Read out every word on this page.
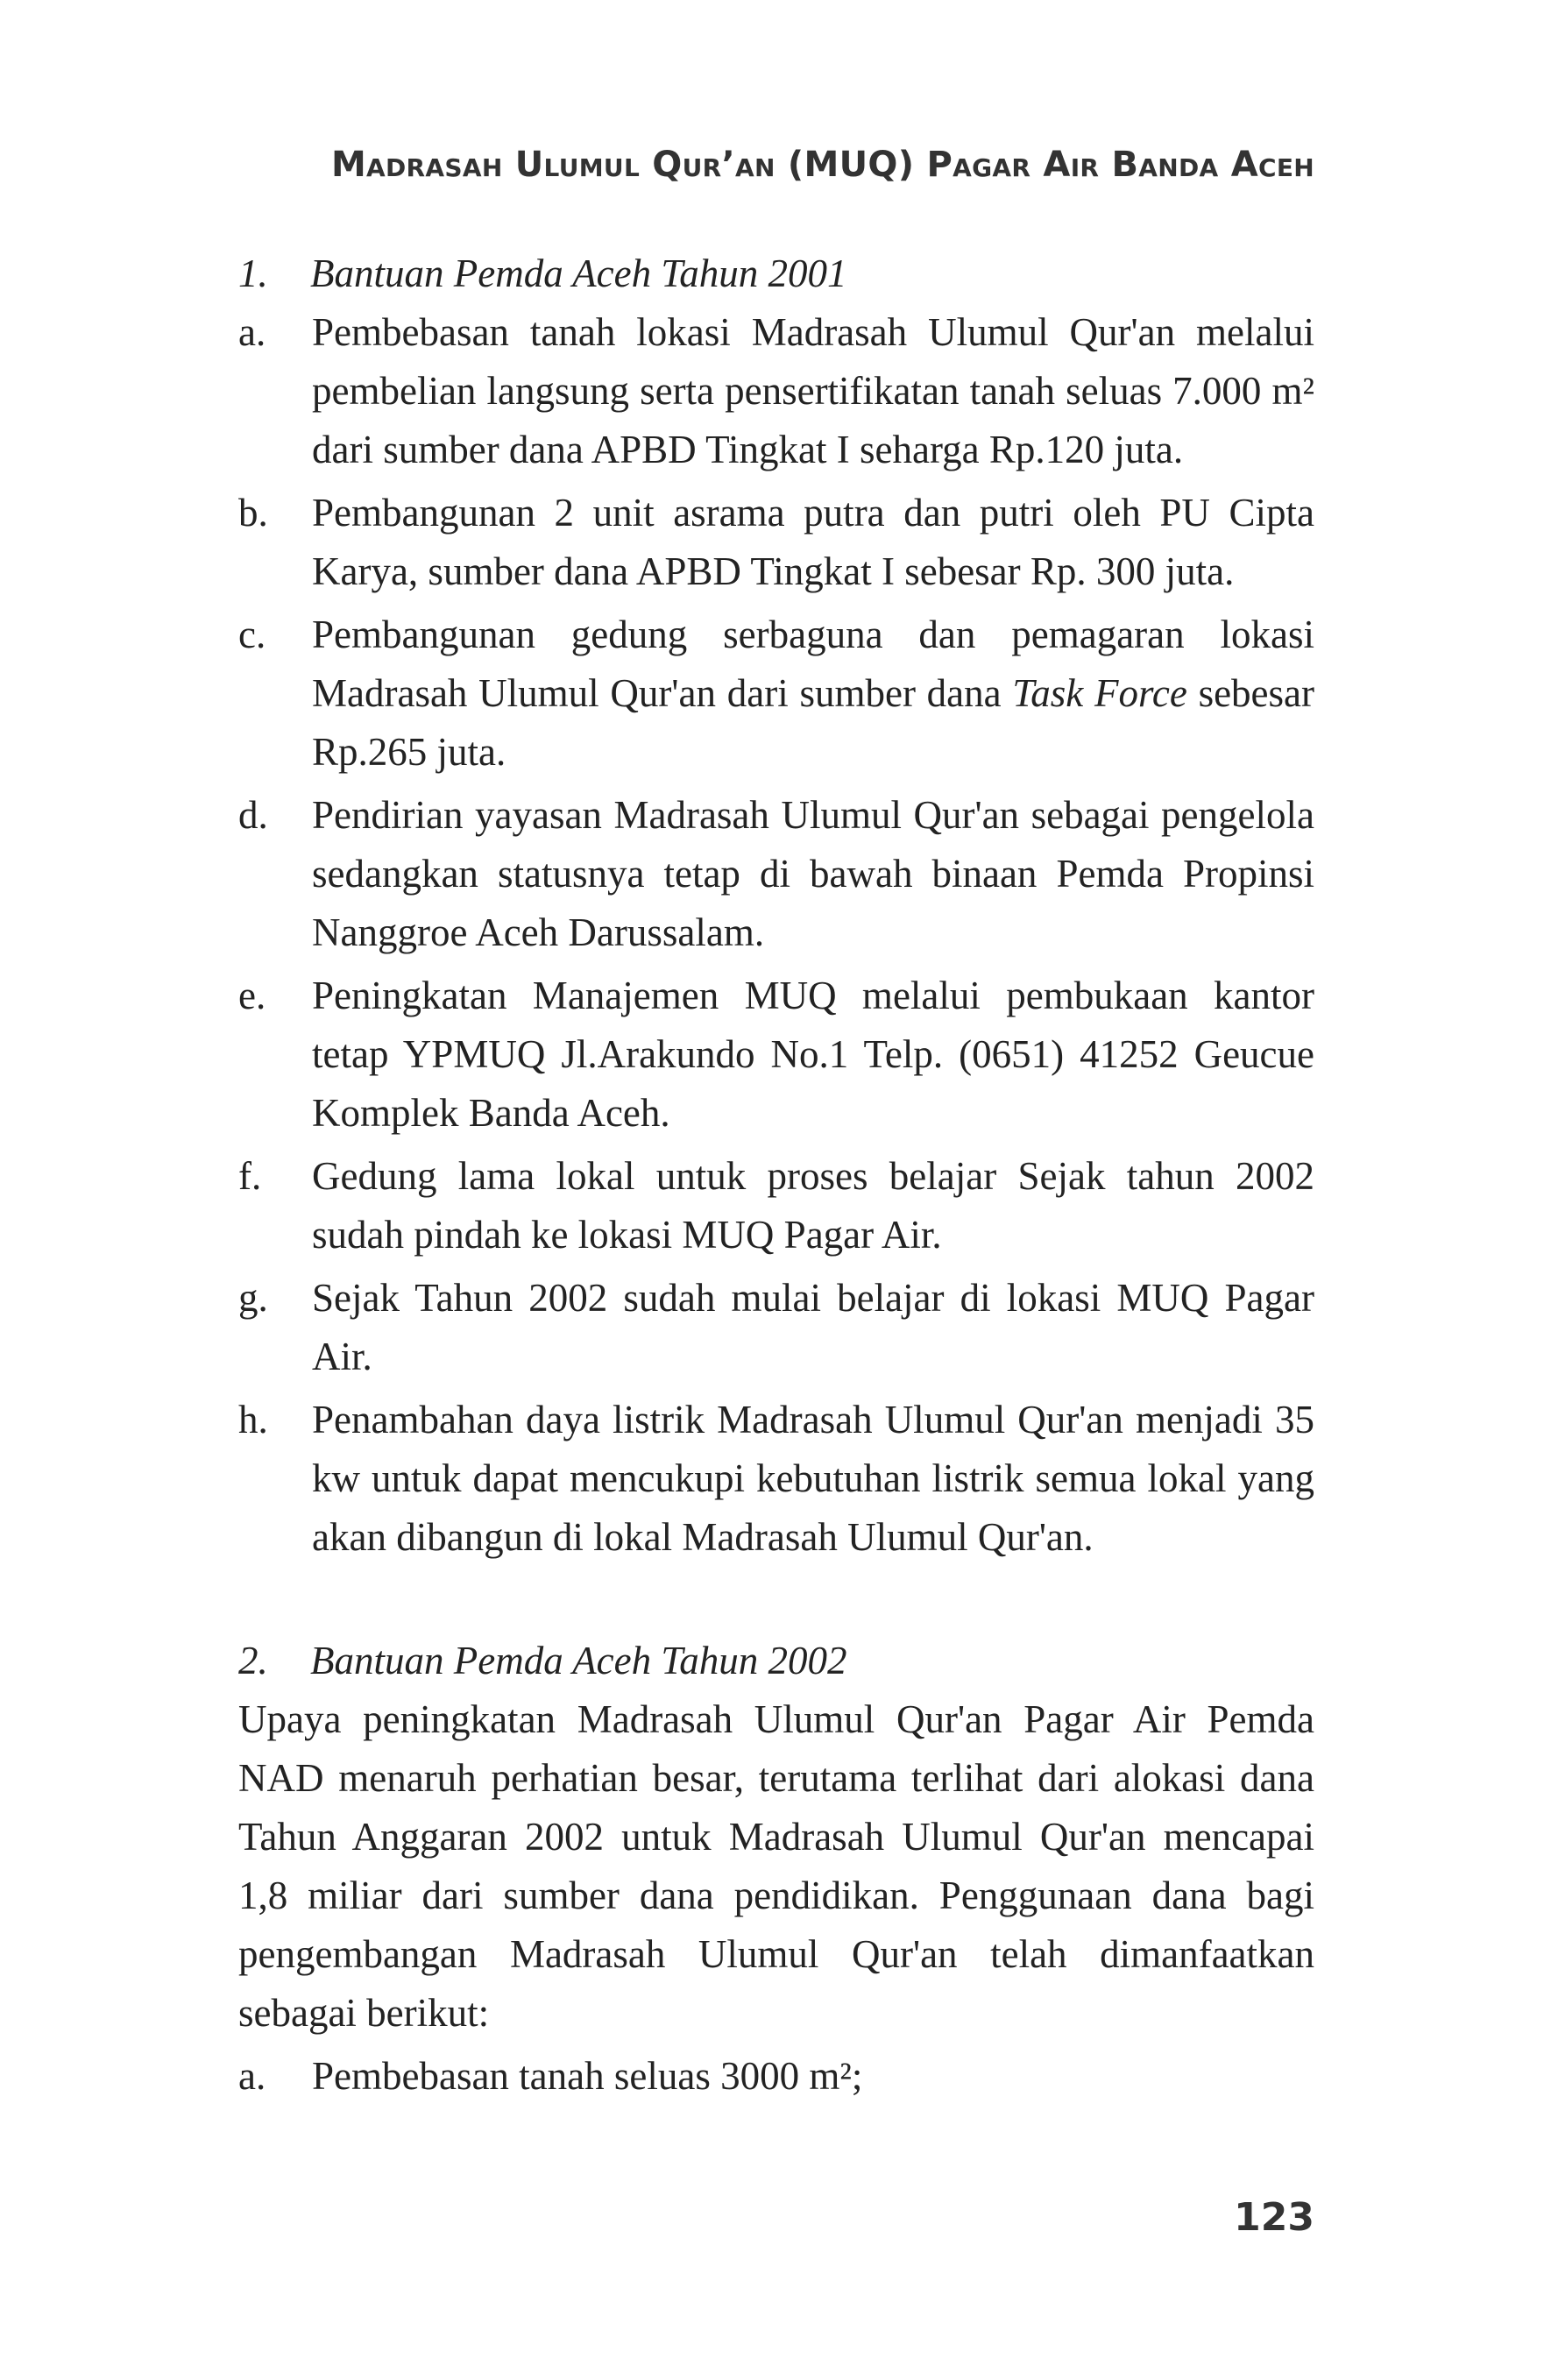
Madrasah Ulumul Qur’an (MUQ) Pagar Air Banda Aceh
1.	Bantuan Pemda Aceh Tahun 2001
a.	Pembebasan tanah lokasi Madrasah Ulumul Qur'an melalui pembelian langsung serta pensertifikatan tanah seluas 7.000 m² dari sumber dana APBD Tingkat I seharga Rp.120 juta.
b.	Pembangunan 2 unit asrama putra dan putri oleh PU Cipta Karya, sumber dana APBD Tingkat I sebesar Rp. 300 juta.
c.	Pembangunan gedung serbaguna dan pemagaran lokasi Madrasah Ulumul Qur'an dari sumber dana Task Force sebesar Rp.265 juta.
d.	Pendirian yayasan Madrasah Ulumul Qur'an sebagai pengelola sedangkan statusnya tetap di bawah binaan Pemda Propinsi Nanggroe Aceh Darussalam.
e.	Peningkatan Manajemen MUQ melalui pembukaan kantor tetap YPMUQ Jl.Arakundo No.1 Telp. (0651) 41252 Geucue Komplek Banda Aceh.
f.	Gedung lama lokal untuk proses belajar Sejak tahun 2002 sudah pindah ke lokasi MUQ Pagar Air.
g.	Sejak Tahun 2002 sudah mulai belajar di lokasi MUQ Pagar Air.
h.	Penambahan daya listrik Madrasah Ulumul Qur'an menjadi 35 kw untuk dapat mencukupi kebutuhan listrik semua lokal yang akan dibangun di lokal Madrasah Ulumul Qur'an.
2.	Bantuan Pemda Aceh Tahun 2002
Upaya peningkatan Madrasah Ulumul Qur'an Pagar Air Pemda NAD menaruh perhatian besar, terutama terlihat dari alokasi dana Tahun Anggaran 2002 untuk Madrasah Ulumul Qur'an mencapai 1,8 miliar dari sumber dana pendidikan. Penggunaan dana bagi pengembangan Madrasah Ulumul Qur'an telah dimanfaatkan sebagai berikut:
a.	Pembebasan tanah seluas 3000 m²;
123
